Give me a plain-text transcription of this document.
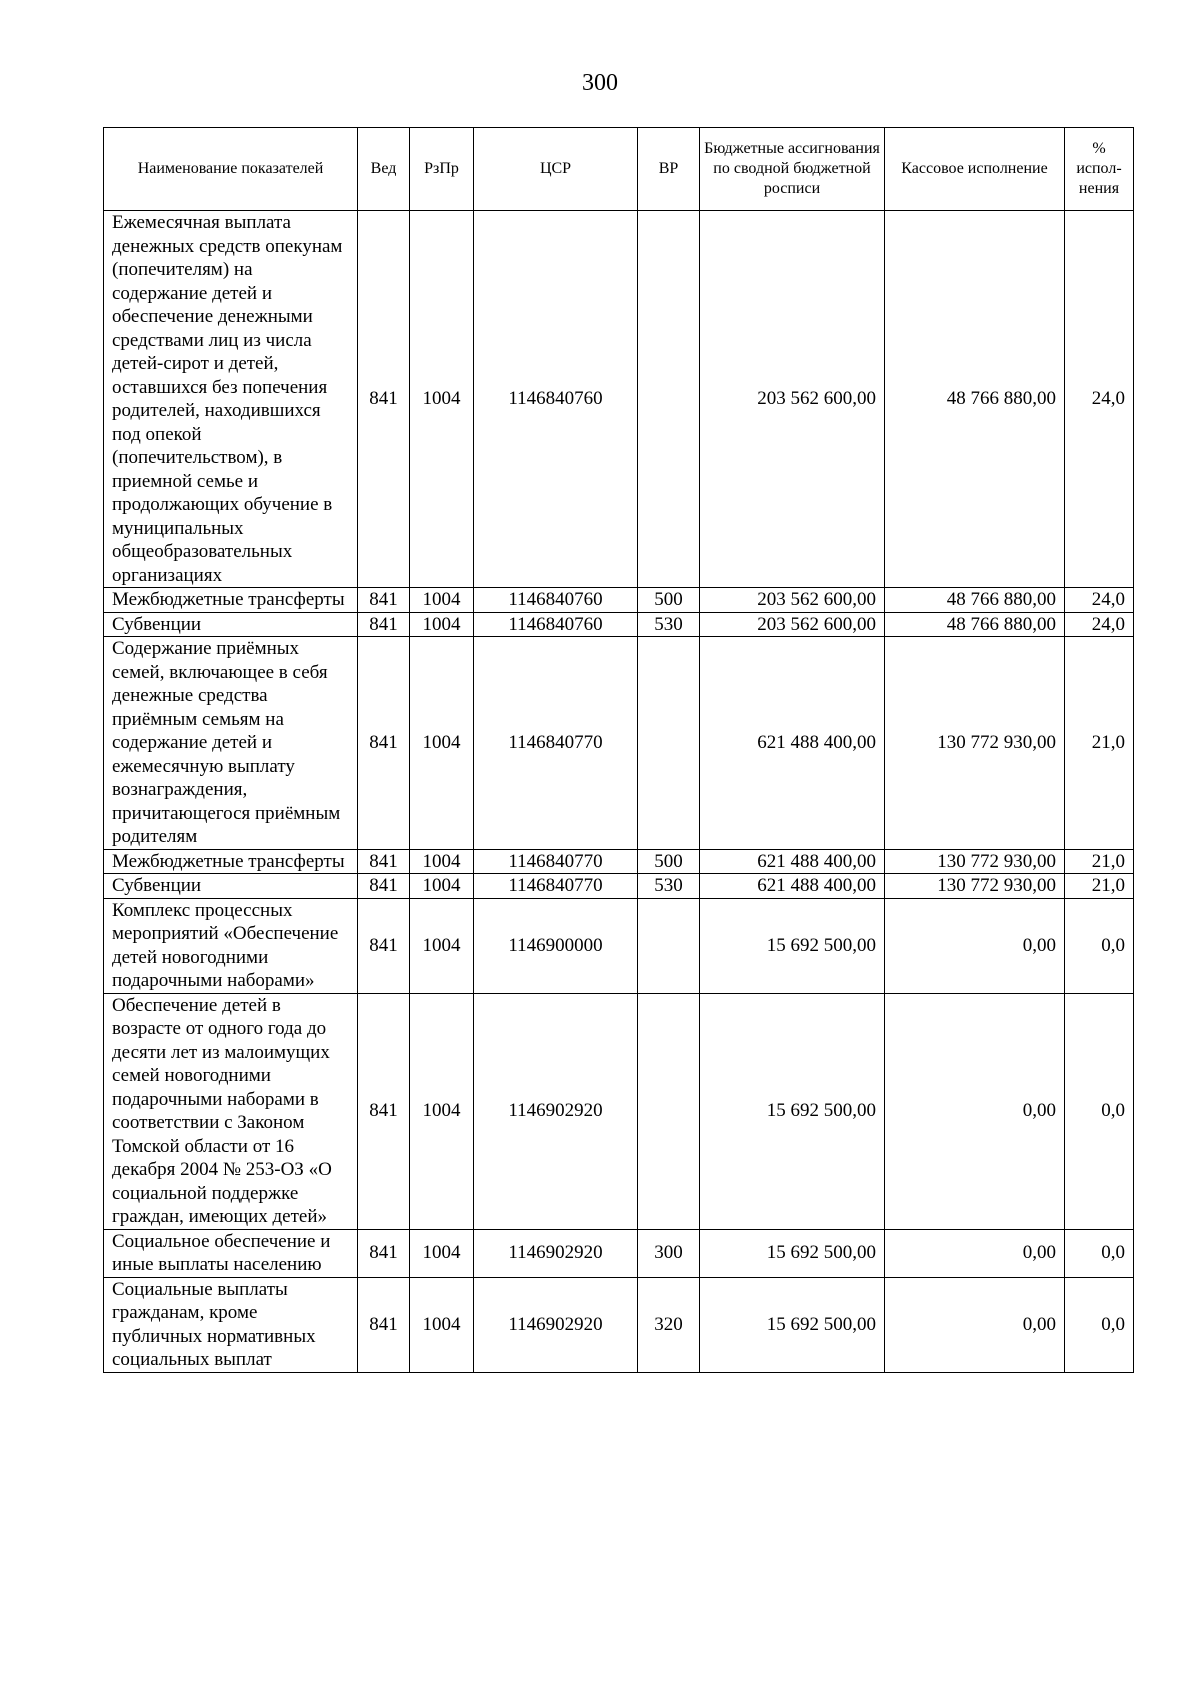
300
Наименование показателей	Вед	РзПр	ЦСР	ВР	Бюджетные ассигнования по сводной бюджетной росписи	Кассовое исполнение	% испол-нения
Ежемесячная выплата денежных средств опекунам (попечителям) на содержание детей и обеспечение денежными средствами лиц из числа детей-сирот и детей, оставшихся без попечения родителей, находившихся под опекой (попечительством), в приемной семье и продолжающих обучение в муниципальных общеобразовательных организациях	841	1004	1146840760		203 562 600,00	48 766 880,00	24,0
Межбюджетные трансферты	841	1004	1146840760	500	203 562 600,00	48 766 880,00	24,0
Субвенции	841	1004	1146840760	530	203 562 600,00	48 766 880,00	24,0
Содержание приёмных семей, включающее в себя денежные средства приёмным семьям на содержание детей и ежемесячную выплату вознаграждения, причитающегося приёмным родителям	841	1004	1146840770		621 488 400,00	130 772 930,00	21,0
Межбюджетные трансферты	841	1004	1146840770	500	621 488 400,00	130 772 930,00	21,0
Субвенции	841	1004	1146840770	530	621 488 400,00	130 772 930,00	21,0
Комплекс процессных мероприятий «Обеспечение детей новогодними подарочными наборами»	841	1004	1146900000		15 692 500,00	0,00	0,0
Обеспечение детей в возрасте от одного года до десяти лет из малоимущих семей новогодними подарочными наборами в соответствии с Законом Томской области от 16 декабря 2004 № 253-ОЗ «О социальной поддержке граждан, имеющих детей»	841	1004	1146902920		15 692 500,00	0,00	0,0
Социальное обеспечение и иные выплаты населению	841	1004	1146902920	300	15 692 500,00	0,00	0,0
Социальные выплаты гражданам, кроме публичных нормативных социальных выплат	841	1004	1146902920	320	15 692 500,00	0,00	0,0
